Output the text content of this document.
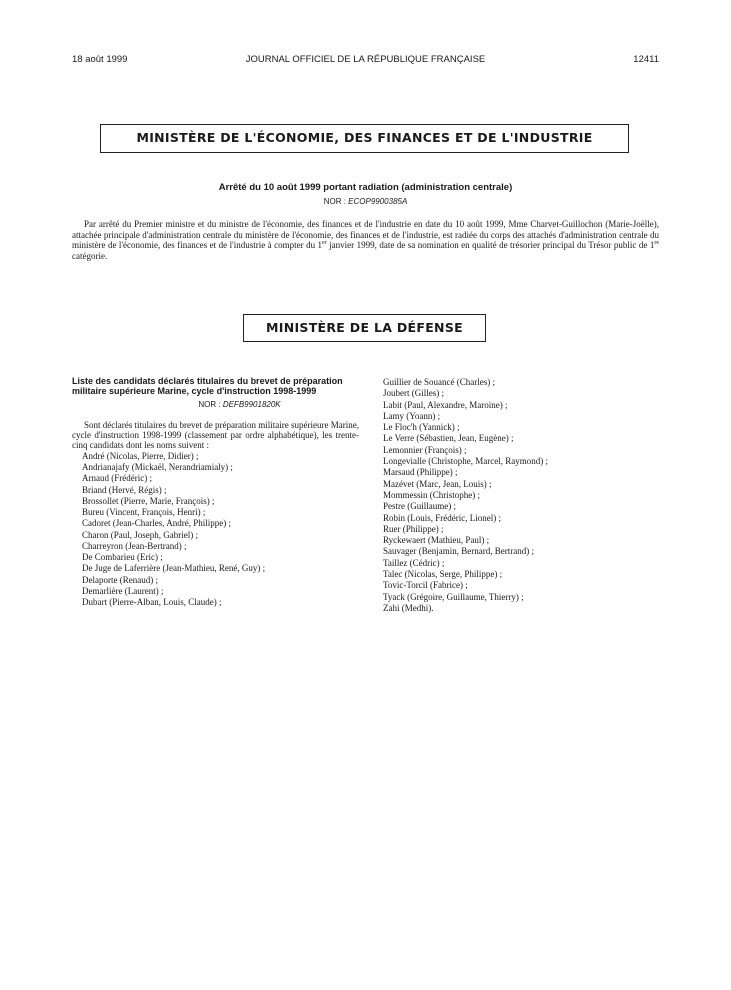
18 août 1999	JOURNAL OFFICIEL DE LA RÉPUBLIQUE FRANÇAISE	12411
MINISTÈRE DE L'ÉCONOMIE, DES FINANCES ET DE L'INDUSTRIE
Arrêté du 10 août 1999 portant radiation (administration centrale)
NOR : ECOP9900385A
Par arrêté du Premier ministre et du ministre de l'économie, des finances et de l'industrie en date du 10 août 1999, Mme Charvet-Guillochon (Marie-Joëlle), attachée principale d'administration centrale du ministère de l'économie, des finances et de l'industrie, est radiée du corps des attachés d'administration centrale du ministère de l'économie, des finances et de l'industrie à compter du 1er janvier 1999, date de sa nomination en qualité de trésorier principal du Trésor public de 1re catégorie.
MINISTÈRE DE LA DÉFENSE

Liste des candidats déclarés titulaires du brevet de préparation militaire supérieure Marine, cycle d'instruction 1998-1999

NOR : DEFB9901820K
Sont déclarés titulaires du brevet de préparation militaire supérieure Marine, cycle d'instruction 1998-1999 (classement par ordre alphabétique), les trente-cinq candidats dont les noms suivent :
André (Nicolas, Pierre, Didier) ;
Andrianajafy (Mickaël, Nerandriamialy) ;
Arnaud (Frédéric) ;
Briand (Hervé, Régis) ;
Brossollet (Pierre, Marie, François) ;
Bureu (Vincent, François, Henri) ;
Cadoret (Jean-Charles, André, Philippe) ;
Charon (Paul, Joseph, Gabriel) ;
Charreyron (Jean-Bertrand) ;
De Combarieu (Eric) ;
De Juge de Laferrière (Jean-Mathieu, René, Guy) ;
Delaporte (Renaud) ;
Demarlière (Laurent) ;
Dubart (Pierre-Alban, Louis, Claude) ;
Guillier de Souancé (Charles) ;
Joubert (Gilles) ;
Labit (Paul, Alexandre, Maroine) ;
Lamy (Yoann) ;
Le Floc'h (Yannick) ;
Le Verre (Sébastien, Jean, Eugène) ;
Lemonnier (François) ;
Longevialle (Christophe, Marcel, Raymond) ;
Marsaud (Philippe) ;
Mazévet (Marc, Jean, Louis) ;
Mommessin (Christophe) ;
Pestre (Guillaume) ;
Robin (Louis, Frédéric, Lionel) ;
Ruer (Philippe) ;
Ryckewaert (Mathieu, Paul) ;
Sauvager (Benjamin, Bernard, Bertrand) ;
Taillez (Cédric) ;
Talec (Nicolas, Serge, Philippe) ;
Tovic-Torcil (Fabrice) ;
Tyack (Grégoire, Guillaume, Thierry) ;
Zahi (Medhi).
